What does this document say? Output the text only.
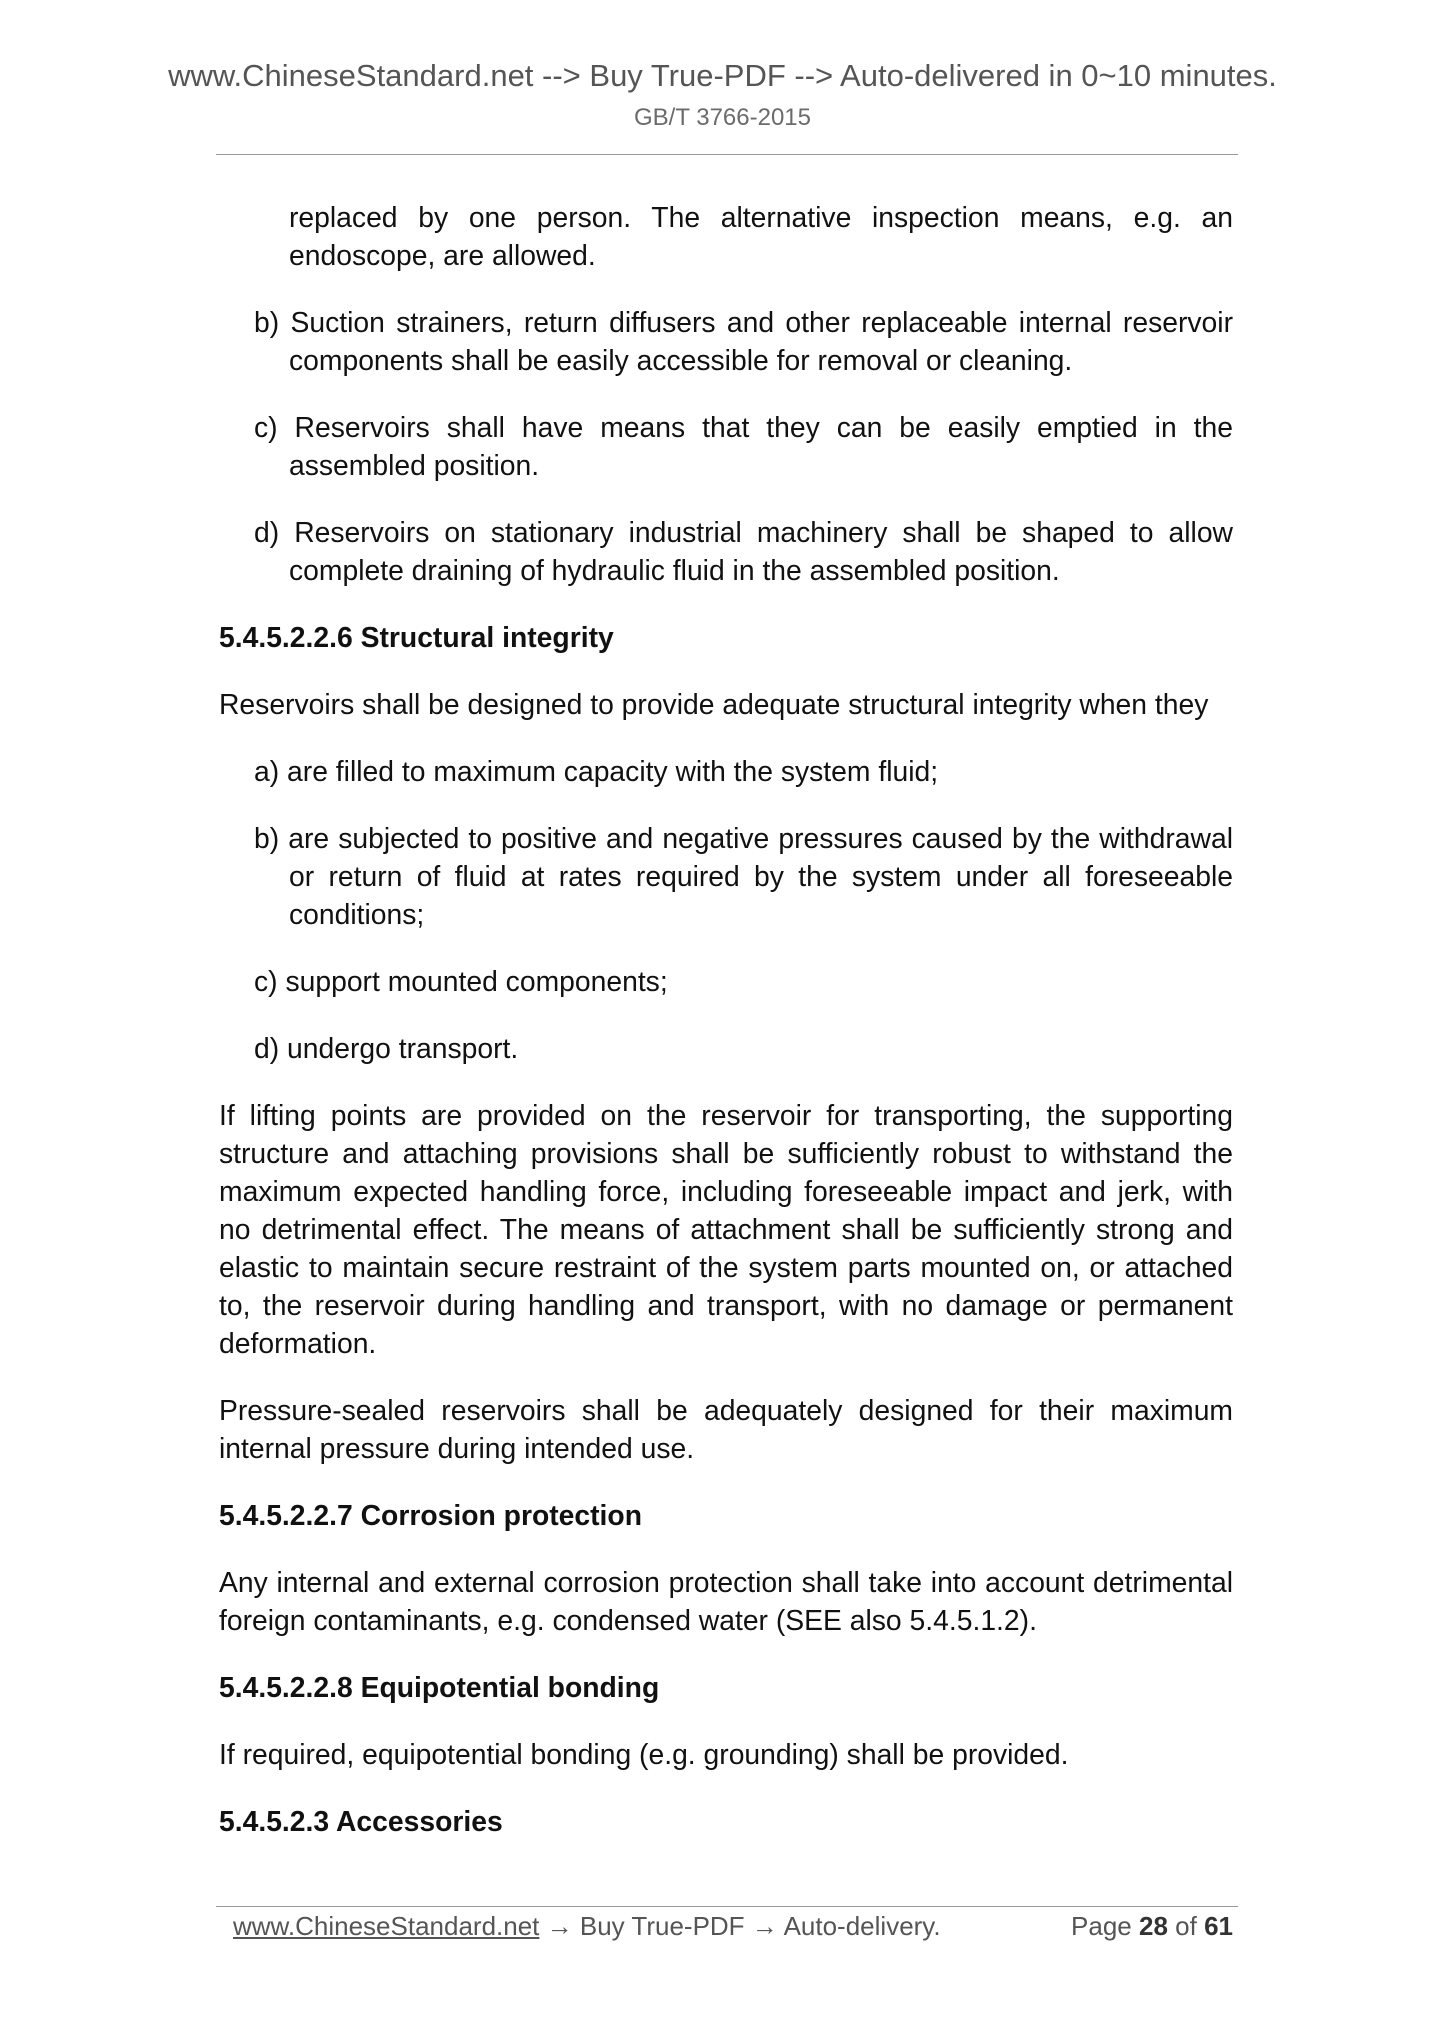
www.ChineseStandard.net --> Buy True-PDF --> Auto-delivered in 0~10 minutes.
GB/T 3766-2015
replaced by one person. The alternative inspection means, e.g. an endoscope, are allowed.
b) Suction strainers, return diffusers and other replaceable internal reservoir components shall be easily accessible for removal or cleaning.
c) Reservoirs shall have means that they can be easily emptied in the assembled position.
d) Reservoirs on stationary industrial machinery shall be shaped to allow complete draining of hydraulic fluid in the assembled position.
5.4.5.2.2.6 Structural integrity
Reservoirs shall be designed to provide adequate structural integrity when they
a) are filled to maximum capacity with the system fluid;
b) are subjected to positive and negative pressures caused by the withdrawal or return of fluid at rates required by the system under all foreseeable conditions;
c) support mounted components;
d) undergo transport.
If lifting points are provided on the reservoir for transporting, the supporting structure and attaching provisions shall be sufficiently robust to withstand the maximum expected handling force, including foreseeable impact and jerk, with no detrimental effect. The means of attachment shall be sufficiently strong and elastic to maintain secure restraint of the system parts mounted on, or attached to, the reservoir during handling and transport, with no damage or permanent deformation.
Pressure-sealed reservoirs shall be adequately designed for their maximum internal pressure during intended use.
5.4.5.2.2.7 Corrosion protection
Any internal and external corrosion protection shall take into account detrimental foreign contaminants, e.g. condensed water (SEE also 5.4.5.1.2).
5.4.5.2.2.8 Equipotential bonding
If required, equipotential bonding (e.g. grounding) shall be provided.
5.4.5.2.3 Accessories
www.ChineseStandard.net → Buy True-PDF → Auto-delivery.	Page 28 of 61
